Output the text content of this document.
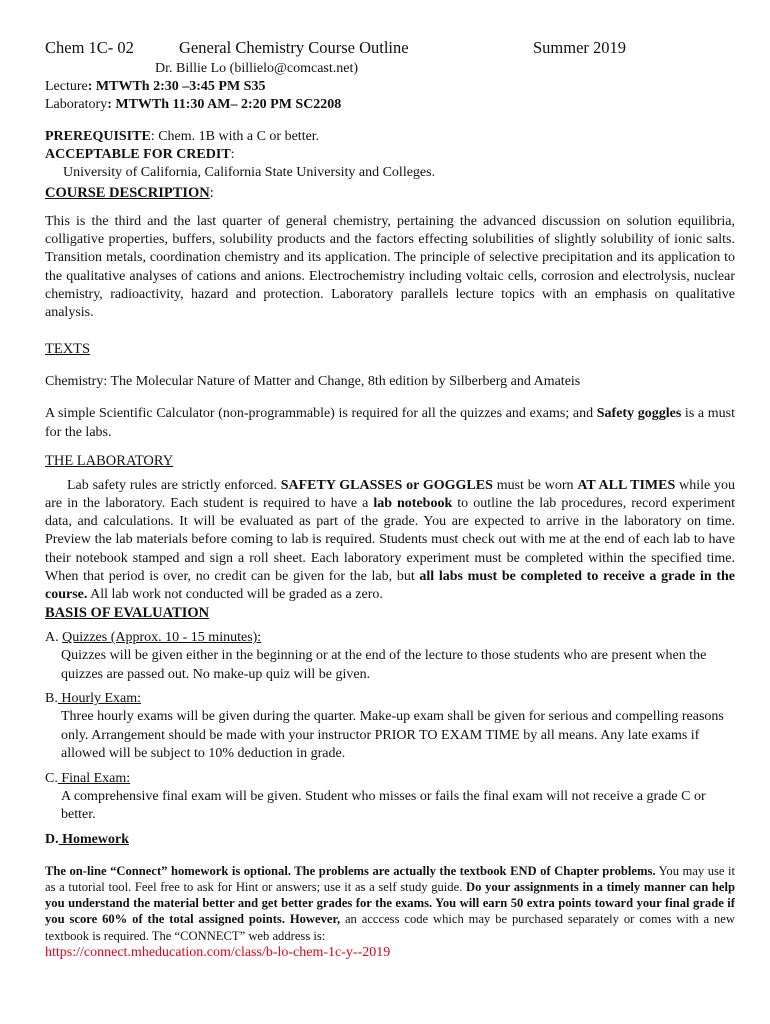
Chem 1C- 02	General Chemistry Course Outline	Summer 2019
Dr. Billie Lo (billielo@comcast.net)
Lecture: MTWTh 2:30 –3:45 PM S35
Laboratory: MTWTh 11:30 AM– 2:20 PM SC2208
PREREQUISITE: Chem. 1B with a C or better.
ACCEPTABLE FOR CREDIT:
University of California, California State University and Colleges.
COURSE DESCRIPTION:
This is the third and the last quarter of general chemistry, pertaining the advanced discussion on solution equilibria, colligative properties, buffers, solubility products and the factors effecting solubilities of slightly solubility of ionic salts. Transition metals, coordination chemistry and its application. The principle of selective precipitation and its application to the qualitative analyses of cations and anions. Electrochemistry including voltaic cells, corrosion and electrolysis, nuclear chemistry, radioactivity, hazard and protection. Laboratory parallels lecture topics with an emphasis on qualitative analysis.
TEXTS
Chemistry: The Molecular Nature of Matter and Change, 8th edition by Silberberg and Amateis
A simple Scientific Calculator (non-programmable) is required for all the quizzes and exams; and Safety goggles is a must for the labs.
THE LABORATORY
Lab safety rules are strictly enforced. SAFETY GLASSES or GOGGLES must be worn AT ALL TIMES while you are in the laboratory. Each student is required to have a lab notebook to outline the lab procedures, record experiment data, and calculations. It will be evaluated as part of the grade. You are expected to arrive in the laboratory on time. Preview the lab materials before coming to lab is required. Students must check out with me at the end of each lab to have their notebook stamped and sign a roll sheet. Each laboratory experiment must be completed within the specified time. When that period is over, no credit can be given for the lab, but all labs must be completed to receive a grade in the course. All lab work not conducted will be graded as a zero.
BASIS OF EVALUATION
A. Quizzes (Approx. 10 - 15 minutes):
Quizzes will be given either in the beginning or at the end of the lecture to those students who are present when the quizzes are passed out. No make-up quiz will be given.
B. Hourly Exam:
Three hourly exams will be given during the quarter. Make-up exam shall be given for serious and compelling reasons only. Arrangement should be made with your instructor PRIOR TO EXAM TIME by all means. Any late exams if allowed will be subject to 10% deduction in grade.
C. Final Exam:
A comprehensive final exam will be given. Student who misses or fails the final exam will not receive a grade C or better.
D. Homework
The on-line “Connect” homework is optional. The problems are actually the textbook END of Chapter problems. You may use it as a tutorial tool. Feel free to ask for Hint or answers; use it as a self study guide. Do your assignments in a timely manner can help you understand the material better and get better grades for the exams. You will earn 50 extra points toward your final grade if you score 60% of the total assigned points. However, an acccess code which may be purchased separately or comes with a new textbook is required. The “CONNECT” web address is:
https://connect.mheducation.com/class/b-lo-chem-1c-y--2019
